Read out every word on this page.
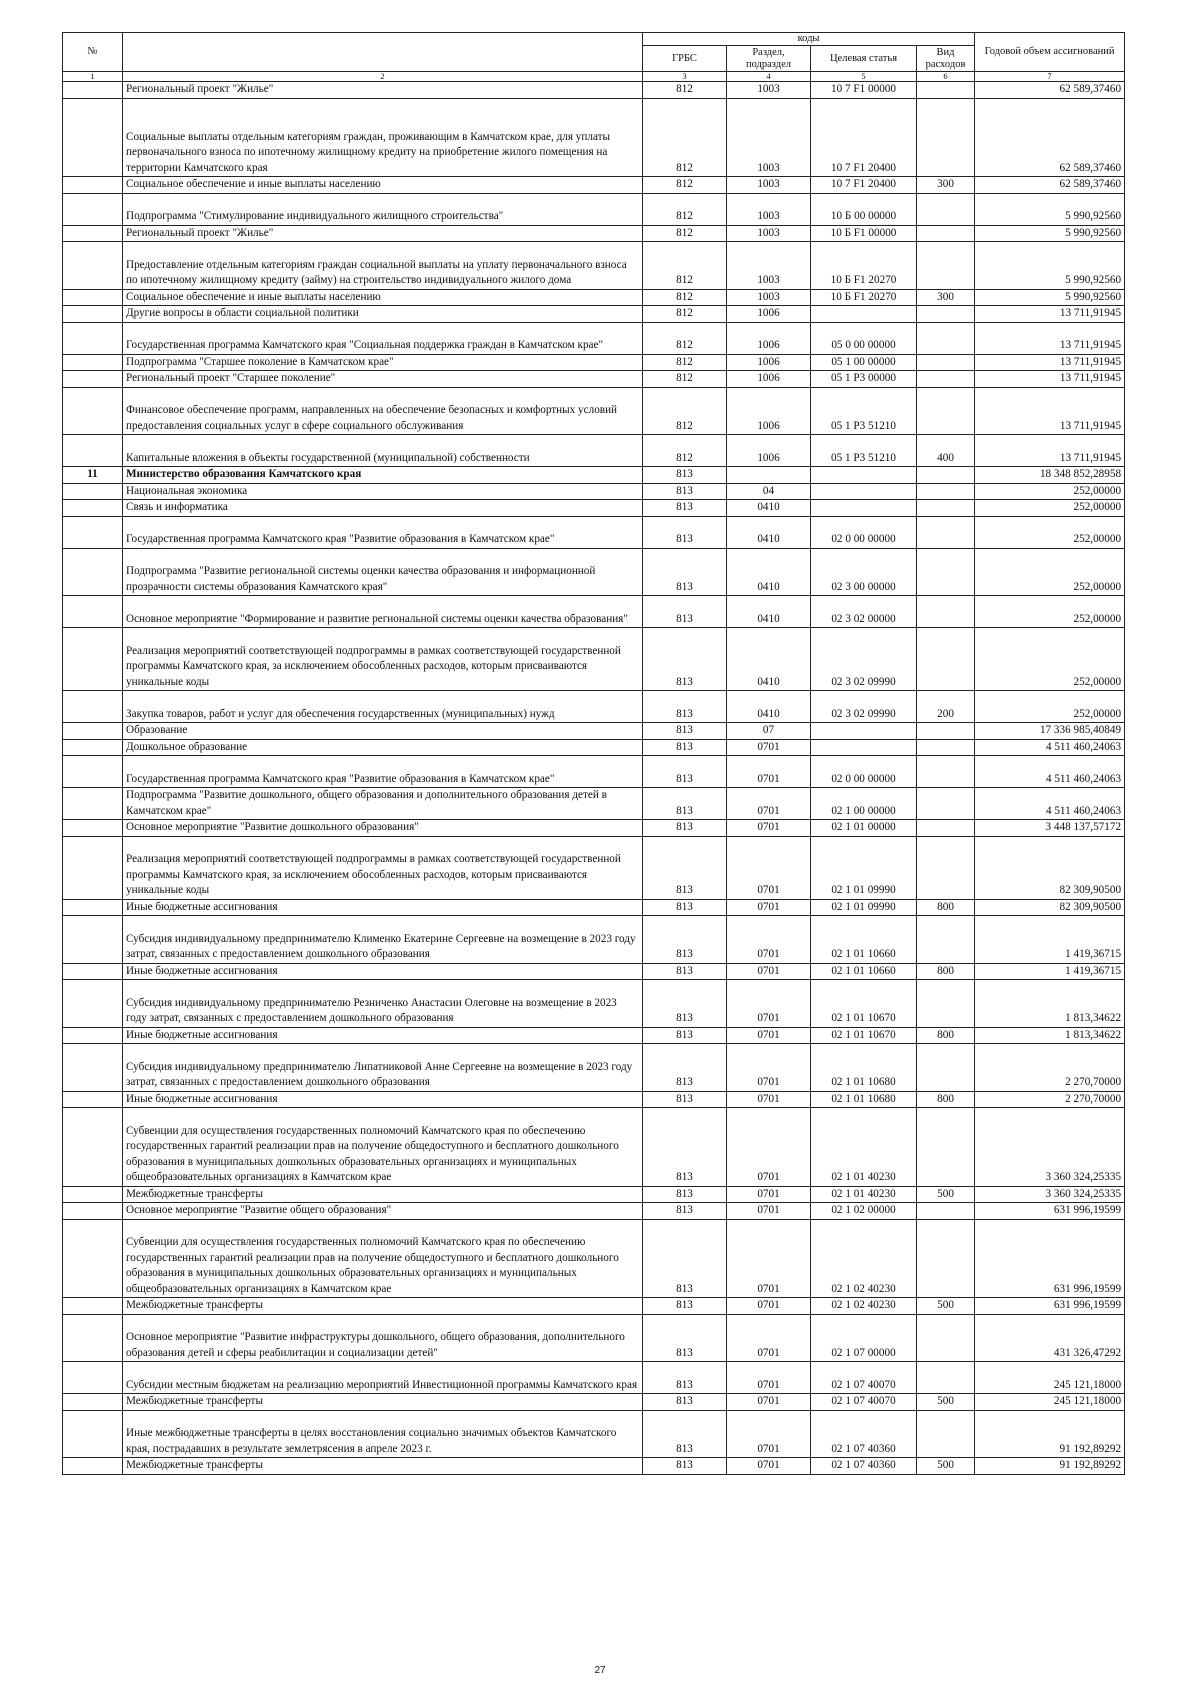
№		коды				Годовой объем ассигнований
		ГРБС	Раздел, подраздел	Целевая статья	Вид расходов	
1	2	3	4	5	6	7
	Региональный проект "Жилье"	812	1003	10 7 F1 00000		62 589,37460
	Социальные выплаты отдельным категориям граждан, проживающим в Камчатском крае, для уплаты первоначального взноса по ипотечному жилищному кредиту на приобретение жилого помещения на территории Камчатского края	812	1003	10 7 F1 20400		62 589,37460
	Социальное обеспечение и иные выплаты населению	812	1003	10 7 F1 20400	300	62 589,37460
	Подпрограмма "Стимулирование индивидуального жилищного строительства"	812	1003	10 Б 00 00000		5 990,92560
	Региональный проект "Жилье"	812	1003	10 Б F1 00000		5 990,92560
	Предоставление отдельным категориям граждан социальной выплаты на уплату первоначального взноса по ипотечному жилищному кредиту (займу) на строительство индивидуального жилого дома	812	1003	10 Б F1 20270		5 990,92560
	Социальное обеспечение и иные выплаты населению	812	1003	10 Б F1 20270	300	5 990,92560
	Другие вопросы в области социальной политики	812	1006			13 711,91945
	Государственная программа Камчатского края "Социальная поддержка граждан в Камчатском крае"	812	1006	05 0 00 00000		13 711,91945
	Подпрограмма "Старшее поколение в Камчатском крае"	812	1006	05 1 00 00000		13 711,91945
	Региональный проект "Старшее поколение"	812	1006	05 1 P3 00000		13 711,91945
	Финансовое обеспечение программ, направленных на обеспечение безопасных и комфортных условий предоставления социальных услуг в сфере социального обслуживания	812	1006	05 1 P3 51210		13 711,91945
	Капитальные вложения в объекты государственной (муниципальной) собственности	812	1006	05 1 P3 51210	400	13 711,91945
11	Министерство образования Камчатского края	813				18 348 852,28958
	Национальная экономика	813	04			252,00000
	Связь и информатика	813	0410			252,00000
	Государственная программа Камчатского края "Развитие образования в Камчатском крае"	813	0410	02 0 00 00000		252,00000
	Подпрограмма "Развитие региональной системы оценки качества образования и информационной прозрачности системы образования Камчатского края"	813	0410	02 3 00 00000		252,00000
	Основное мероприятие "Формирование и развитие региональной системы оценки качества образования"	813	0410	02 3 02 00000		252,00000
	Реализация мероприятий соответствующей подпрограммы в рамках соответствующей государственной программы Камчатского края, за исключением обособленных расходов, которым присваиваются уникальные коды	813	0410	02 3 02 09990		252,00000
	Закупка товаров, работ и услуг для обеспечения государственных (муниципальных) нужд	813	0410	02 3 02 09990	200	252,00000
	Образование	813	07			17 336 985,40849
	Дошкольное образование	813	0701			4 511 460,24063
	Государственная программа Камчатского края "Развитие образования в Камчатском крае"	813	0701	02 0 00 00000		4 511 460,24063
	Подпрограмма "Развитие дошкольного, общего образования и дополнительного образования детей в Камчатском крае"	813	0701	02 1 00 00000		4 511 460,24063
	Основное мероприятие "Развитие дошкольного образования"	813	0701	02 1 01 00000		3 448 137,57172
	Реализация мероприятий соответствующей подпрограммы в рамках соответствующей государственной программы Камчатского края, за исключением обособленных расходов, которым присваиваются уникальные коды	813	0701	02 1 01 09990		82 309,90500
	Иные бюджетные ассигнования	813	0701	02 1 01 09990	800	82 309,90500
	Субсидия индивидуальному предпринимателю Клименко Екатерине Сергеевне на возмещение в 2023 году затрат, связанных с предоставлением дошкольного образования	813	0701	02 1 01 10660		1 419,36715
	Иные бюджетные ассигнования	813	0701	02 1 01 10660	800	1 419,36715
	Субсидия индивидуальному предпринимателю Резниченко Анастасии Олеговне на возмещение в 2023 году затрат, связанных с предоставлением дошкольного образования	813	0701	02 1 01 10670		1 813,34622
	Иные бюджетные ассигнования	813	0701	02 1 01 10670	800	1 813,34622
	Субсидия индивидуальному предпринимателю Липатниковой Анне Сергеевне на возмещение в 2023 году затрат, связанных с предоставлением дошкольного образования	813	0701	02 1 01 10680		2 270,70000
	Иные бюджетные ассигнования	813	0701	02 1 01 10680	800	2 270,70000
	Субвенции для осуществления государственных полномочий Камчатского края по обеспечению государственных гарантий реализации прав на получение общедоступного и бесплатного дошкольного образования в муниципальных дошкольных образовательных организациях и муниципальных общеобразовательных организациях в Камчатском крае	813	0701	02 1 01 40230		3 360 324,25335
	Межбюджетные трансферты	813	0701	02 1 01 40230	500	3 360 324,25335
	Основное мероприятие "Развитие общего образования"	813	0701	02 1 02 00000		631 996,19599
	Субвенции для осуществления государственных полномочий Камчатского края по обеспечению государственных гарантий реализации прав на получение общедоступного и бесплатного дошкольного образования в муниципальных дошкольных образовательных организациях и муниципальных общеобразовательных организациях в Камчатском крае	813	0701	02 1 02 40230		631 996,19599
	Межбюджетные трансферты	813	0701	02 1 02 40230	500	631 996,19599
	Основное мероприятие "Развитие инфраструктуры дошкольного, общего образования, дополнительного образования детей и сферы реабилитации и социализации детей"	813	0701	02 1 07 00000		431 326,47292
	Субсидии местным бюджетам на реализацию мероприятий Инвестиционной программы Камчатского края	813	0701	02 1 07 40070		245 121,18000
	Межбюджетные трансферты	813	0701	02 1 07 40070	500	245 121,18000
	Иные межбюджетные трансферты в целях восстановления социально значимых объектов Камчатского края, пострадавших в результате землетрясения в апреле 2023 г.	813	0701	02 1 07 40360		91 192,89292
	Межбюджетные трансферты	813	0701	02 1 07 40360	500	91 192,89292
27
